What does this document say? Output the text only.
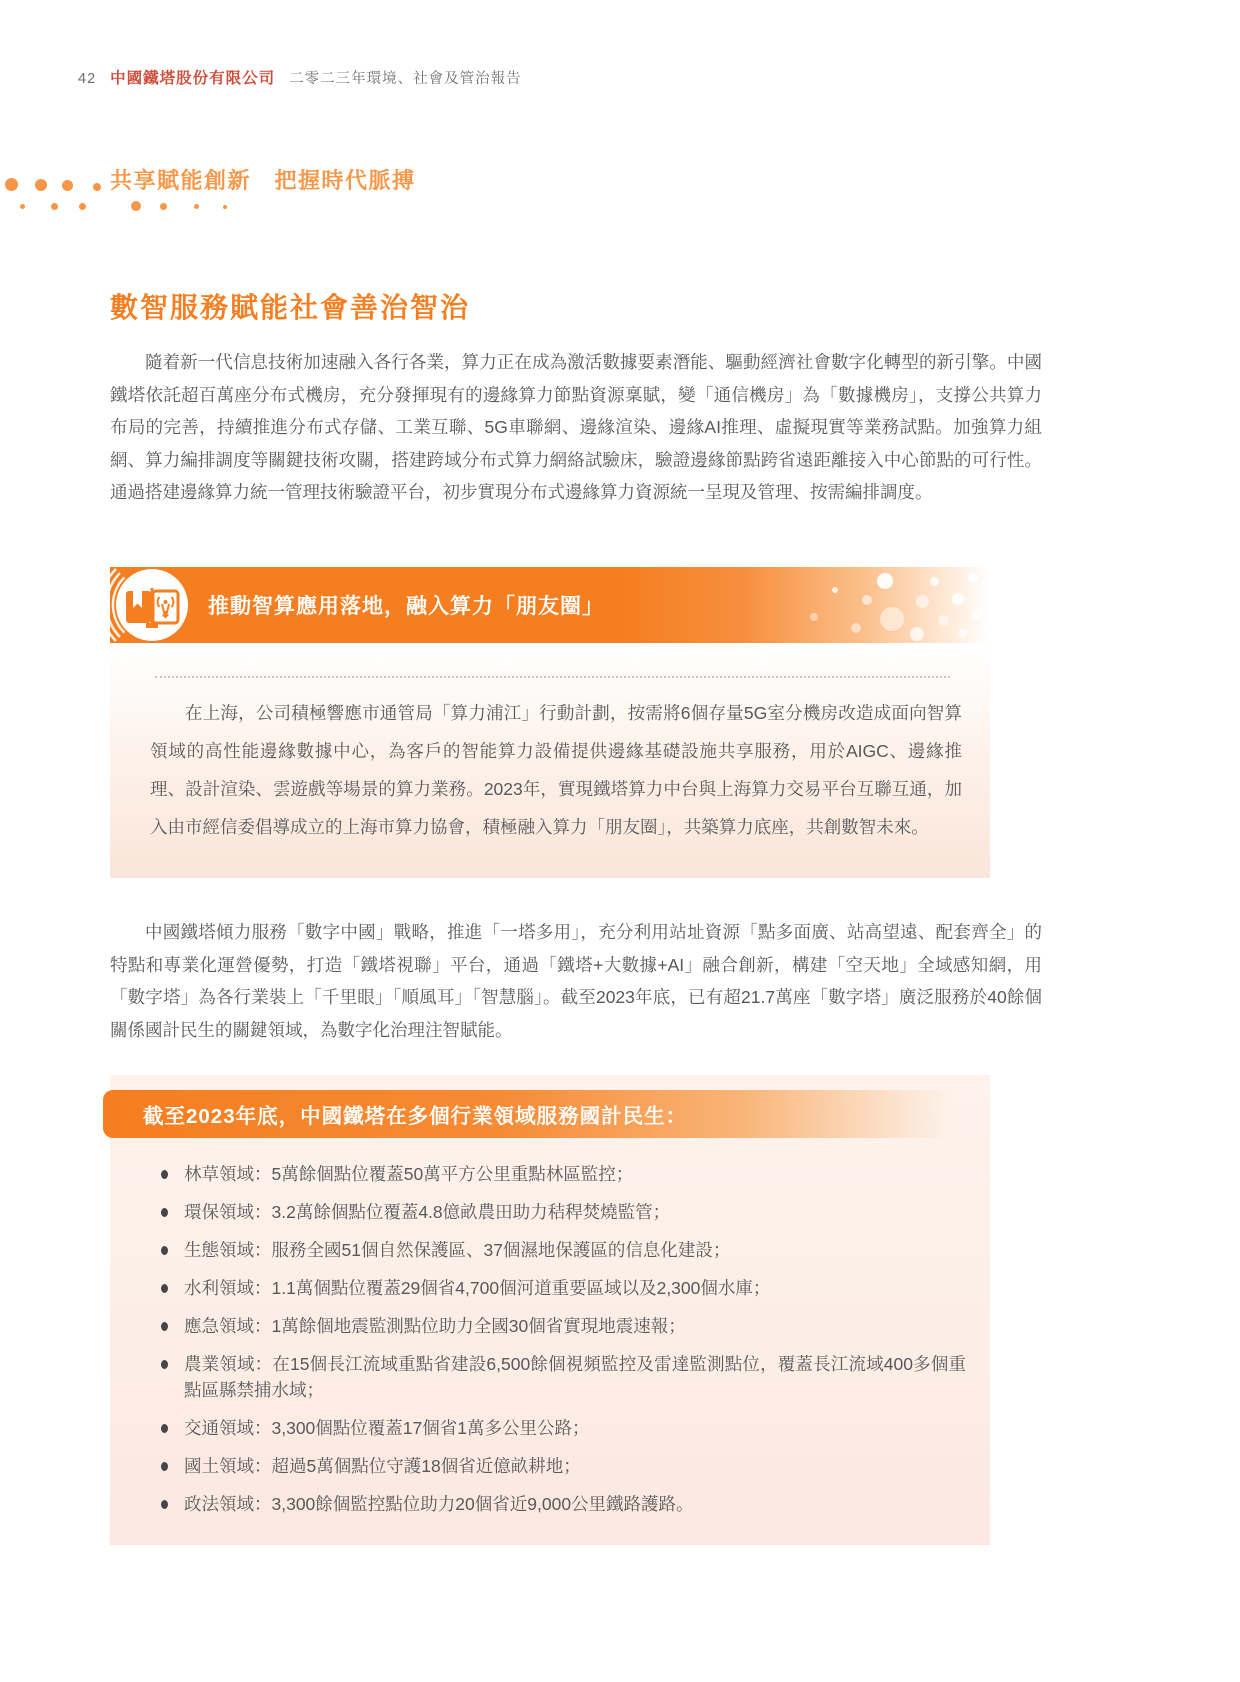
42 中國鐵塔股份有限公司 二零二三年環境、社會及管治報告
共享賦能創新　把握時代脈搏
數智服務賦能社會善治智治

隨着新一代信息技術加速融入各行各業，算力正在成為激活數據要素潛能、驅動經濟社會數字化轉型的新引擎。中國鐵塔依託超百萬座分布式機房，充分發揮現有的邊緣算力節點資源稟賦，變「通信機房」為「數據機房」，支撐公共算力布局的完善，持續推進分布式存儲、工業互聯、5G車聯網、邊緣渲染、邊緣AI推理、虛擬現實等業務試點。加強算力組網、算力編排調度等關鍵技術攻關，搭建跨域分布式算力網絡試驗床，驗證邊緣節點跨省遠距離接入中心節點的可行性。通過搭建邊緣算力統一管理技術驗證平台，初步實現分布式邊緣算力資源統一呈現及管理、按需編排調度。

推動智算應用落地，融入算力「朋友圈」

在上海，公司積極響應市通管局「算力浦江」行動計劃，按需將6個存量5G室分機房改造成面向智算領域的高性能邊緣數據中心，為客戶的智能算力設備提供邊緣基礎設施共享服務，用於AIGC、邊緣推理、設計渲染、雲遊戲等場景的算力業務。2023年，實現鐵塔算力中台與上海算力交易平台互聯互通，加入由市經信委倡導成立的上海市算力協會，積極融入算力「朋友圈」，共築算力底座，共創數智未來。

中國鐵塔傾力服務「數字中國」戰略，推進「一塔多用」，充分利用站址資源「點多面廣、站高望遠、配套齊全」的特點和專業化運營優勢，打造「鐵塔視聯」平台，通過「鐵塔+大數據+AI」融合創新，構建「空天地」全域感知網，用「數字塔」為各行業裝上「千里眼」「順風耳」「智慧腦」。截至2023年底，已有超21.7萬座「數字塔」廣泛服務於40餘個關係國計民生的關鍵領域，為數字化治理注智賦能。

截至2023年底，中國鐵塔在多個行業領域服務國計民生：
林草領域：5萬餘個點位覆蓋50萬平方公里重點林區監控；
環保領域：3.2萬餘個點位覆蓋4.8億畝農田助力秸稈焚燒監管；
生態領域：服務全國51個自然保護區、37個濕地保護區的信息化建設；
水利領域：1.1萬個點位覆蓋29個省4,700個河道重要區域以及2,300個水庫；
應急領域：1萬餘個地震監測點位助力全國30個省實現地震速報；
農業領域：在15個長江流域重點省建設6,500餘個視頻監控及雷達監測點位，覆蓋長江流域400多個重點區縣禁捕水域；
交通領域：3,300個點位覆蓋17個省1萬多公里公路；
國土領域：超過5萬個點位守護18個省近億畝耕地；
政法領域：3,300餘個監控點位助力20個省近9,000公里鐵路護路。
